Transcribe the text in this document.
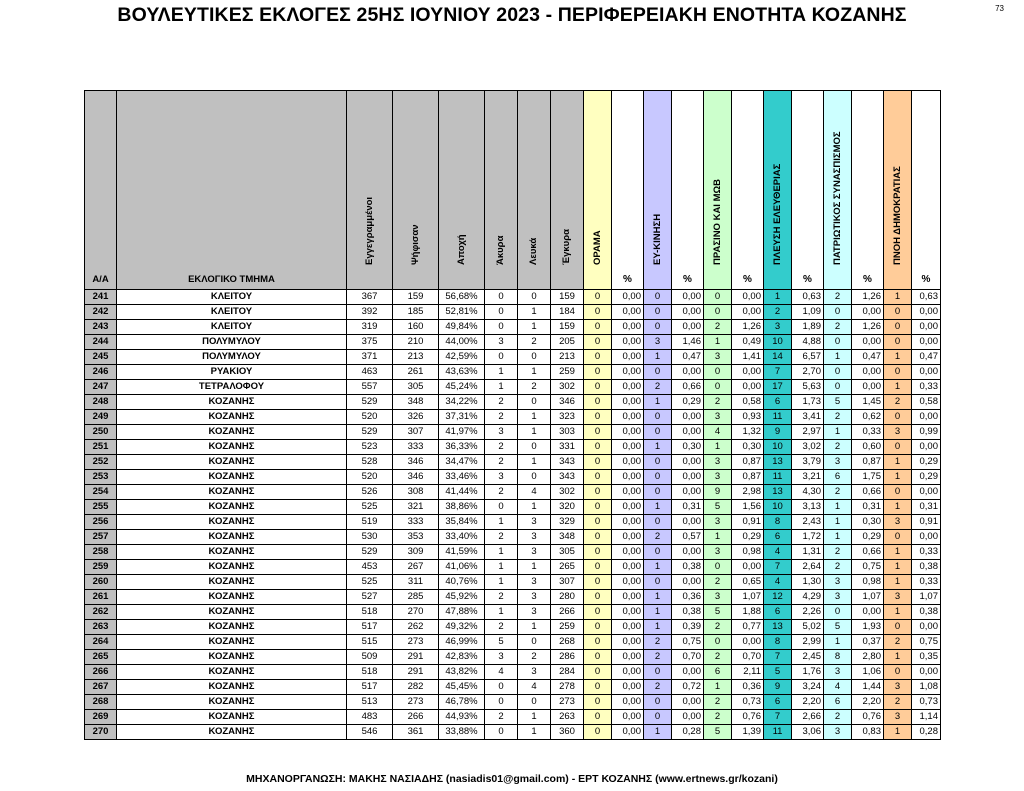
ΒΟΥΛΕΥΤΙΚΕΣ ΕΚΛΟΓΕΣ 25ΗΣ ΙΟΥΝΙΟΥ 2023 - ΠΕΡΙΦΕΡΕΙΑΚΗ ΕΝΟΤΗΤΑ ΚΟΖΑΝΗΣ	73
Α/Α	ΕΚΛΟΓΙΚΟ ΤΜΗΜΑ	Εγγεγραμμένοι	Ψήφισαν	Αποχή	Άκυρα	Λευκά	Έγκυρα	ΟΡΑΜΑ	%	ΕΥ-ΚΙΝΗΣΗ	%	ΠΡΑΣΙΝΟ ΚΑΙ ΜΩΒ	%	ΠΛΕΥΣΗ ΕΛΕΥΘΕΡΙΑΣ	%	ΠΑΤΡΙΩΤΙΚΟΣ ΣΥΝΑΣΠΙΣΜΟΣ	%	ΠΝΟΗ ΔΗΜΟΚΡΑΤΙΑΣ	%

241	ΚΛΕΙΤΟΥ	367	159	56,68%	0	0	159	0	0,00	0	0,00	0	0,00	1	0,63	2	1,26	1	0,63
242	ΚΛΕΙΤΟΥ	392	185	52,81%	0	1	184	0	0,00	0	0,00	0	0,00	2	1,09	0	0,00	0	0,00
243	ΚΛΕΙΤΟΥ	319	160	49,84%	0	1	159	0	0,00	0	0,00	2	1,26	3	1,89	2	1,26	0	0,00
244	ΠΟΛΥΜΥΛΟΥ	375	210	44,00%	3	2	205	0	0,00	3	1,46	1	0,49	10	4,88	0	0,00	0	0,00
245	ΠΟΛΥΜΥΛΟΥ	371	213	42,59%	0	0	213	0	0,00	1	0,47	3	1,41	14	6,57	1	0,47	1	0,47
246	ΡΥΑΚΙΟΥ	463	261	43,63%	1	1	259	0	0,00	0	0,00	0	0,00	7	2,70	0	0,00	0	0,00
247	ΤΕΤΡΑΛΟΦΟΥ	557	305	45,24%	1	2	302	0	0,00	2	0,66	0	0,00	17	5,63	0	0,00	1	0,33
248	ΚΟΖΑΝΗΣ	529	348	34,22%	2	0	346	0	0,00	1	0,29	2	0,58	6	1,73	5	1,45	2	0,58
249	ΚΟΖΑΝΗΣ	520	326	37,31%	2	1	323	0	0,00	0	0,00	3	0,93	11	3,41	2	0,62	0	0,00
250	ΚΟΖΑΝΗΣ	529	307	41,97%	3	1	303	0	0,00	0	0,00	4	1,32	9	2,97	1	0,33	3	0,99
251	ΚΟΖΑΝΗΣ	523	333	36,33%	2	0	331	0	0,00	1	0,30	1	0,30	10	3,02	2	0,60	0	0,00
252	ΚΟΖΑΝΗΣ	528	346	34,47%	2	1	343	0	0,00	0	0,00	3	0,87	13	3,79	3	0,87	1	0,29
253	ΚΟΖΑΝΗΣ	520	346	33,46%	3	0	343	0	0,00	0	0,00	3	0,87	11	3,21	6	1,75	1	0,29
254	ΚΟΖΑΝΗΣ	526	308	41,44%	2	4	302	0	0,00	0	0,00	9	2,98	13	4,30	2	0,66	0	0,00
255	ΚΟΖΑΝΗΣ	525	321	38,86%	0	1	320	0	0,00	1	0,31	5	1,56	10	3,13	1	0,31	1	0,31
256	ΚΟΖΑΝΗΣ	519	333	35,84%	1	3	329	0	0,00	0	0,00	3	0,91	8	2,43	1	0,30	3	0,91
257	ΚΟΖΑΝΗΣ	530	353	33,40%	2	3	348	0	0,00	2	0,57	1	0,29	6	1,72	1	0,29	0	0,00
258	ΚΟΖΑΝΗΣ	529	309	41,59%	1	3	305	0	0,00	0	0,00	3	0,98	4	1,31	2	0,66	1	0,33
259	ΚΟΖΑΝΗΣ	453	267	41,06%	1	1	265	0	0,00	1	0,38	0	0,00	7	2,64	2	0,75	1	0,38
260	ΚΟΖΑΝΗΣ	525	311	40,76%	1	3	307	0	0,00	0	0,00	2	0,65	4	1,30	3	0,98	1	0,33
261	ΚΟΖΑΝΗΣ	527	285	45,92%	2	3	280	0	0,00	1	0,36	3	1,07	12	4,29	3	1,07	3	1,07
262	ΚΟΖΑΝΗΣ	518	270	47,88%	1	3	266	0	0,00	1	0,38	5	1,88	6	2,26	0	0,00	1	0,38
263	ΚΟΖΑΝΗΣ	517	262	49,32%	2	1	259	0	0,00	1	0,39	2	0,77	13	5,02	5	1,93	0	0,00
264	ΚΟΖΑΝΗΣ	515	273	46,99%	5	0	268	0	0,00	2	0,75	0	0,00	8	2,99	1	0,37	2	0,75
265	ΚΟΖΑΝΗΣ	509	291	42,83%	3	2	286	0	0,00	2	0,70	2	0,70	7	2,45	8	2,80	1	0,35
266	ΚΟΖΑΝΗΣ	518	291	43,82%	4	3	284	0	0,00	0	0,00	6	2,11	5	1,76	3	1,06	0	0,00
267	ΚΟΖΑΝΗΣ	517	282	45,45%	0	4	278	0	0,00	2	0,72	1	0,36	9	3,24	4	1,44	3	1,08
268	ΚΟΖΑΝΗΣ	513	273	46,78%	0	0	273	0	0,00	0	0,00	2	0,73	6	2,20	6	2,20	2	0,73
269	ΚΟΖΑΝΗΣ	483	266	44,93%	2	1	263	0	0,00	0	0,00	2	0,76	7	2,66	2	0,76	3	1,14
270	ΚΟΖΑΝΗΣ	546	361	33,88%	0	1	360	0	0,00	1	0,28	5	1,39	11	3,06	3	0,83	1	0,28
ΜΗΧΑΝΟΡΓΑΝΩΣΗ: ΜΑΚΗΣ ΝΑΣΙΑΔΗΣ (nasiadis01@gmail.com) - ΕΡΤ ΚΟΖΑΝΗΣ (www.ertnews.gr/kozani)
